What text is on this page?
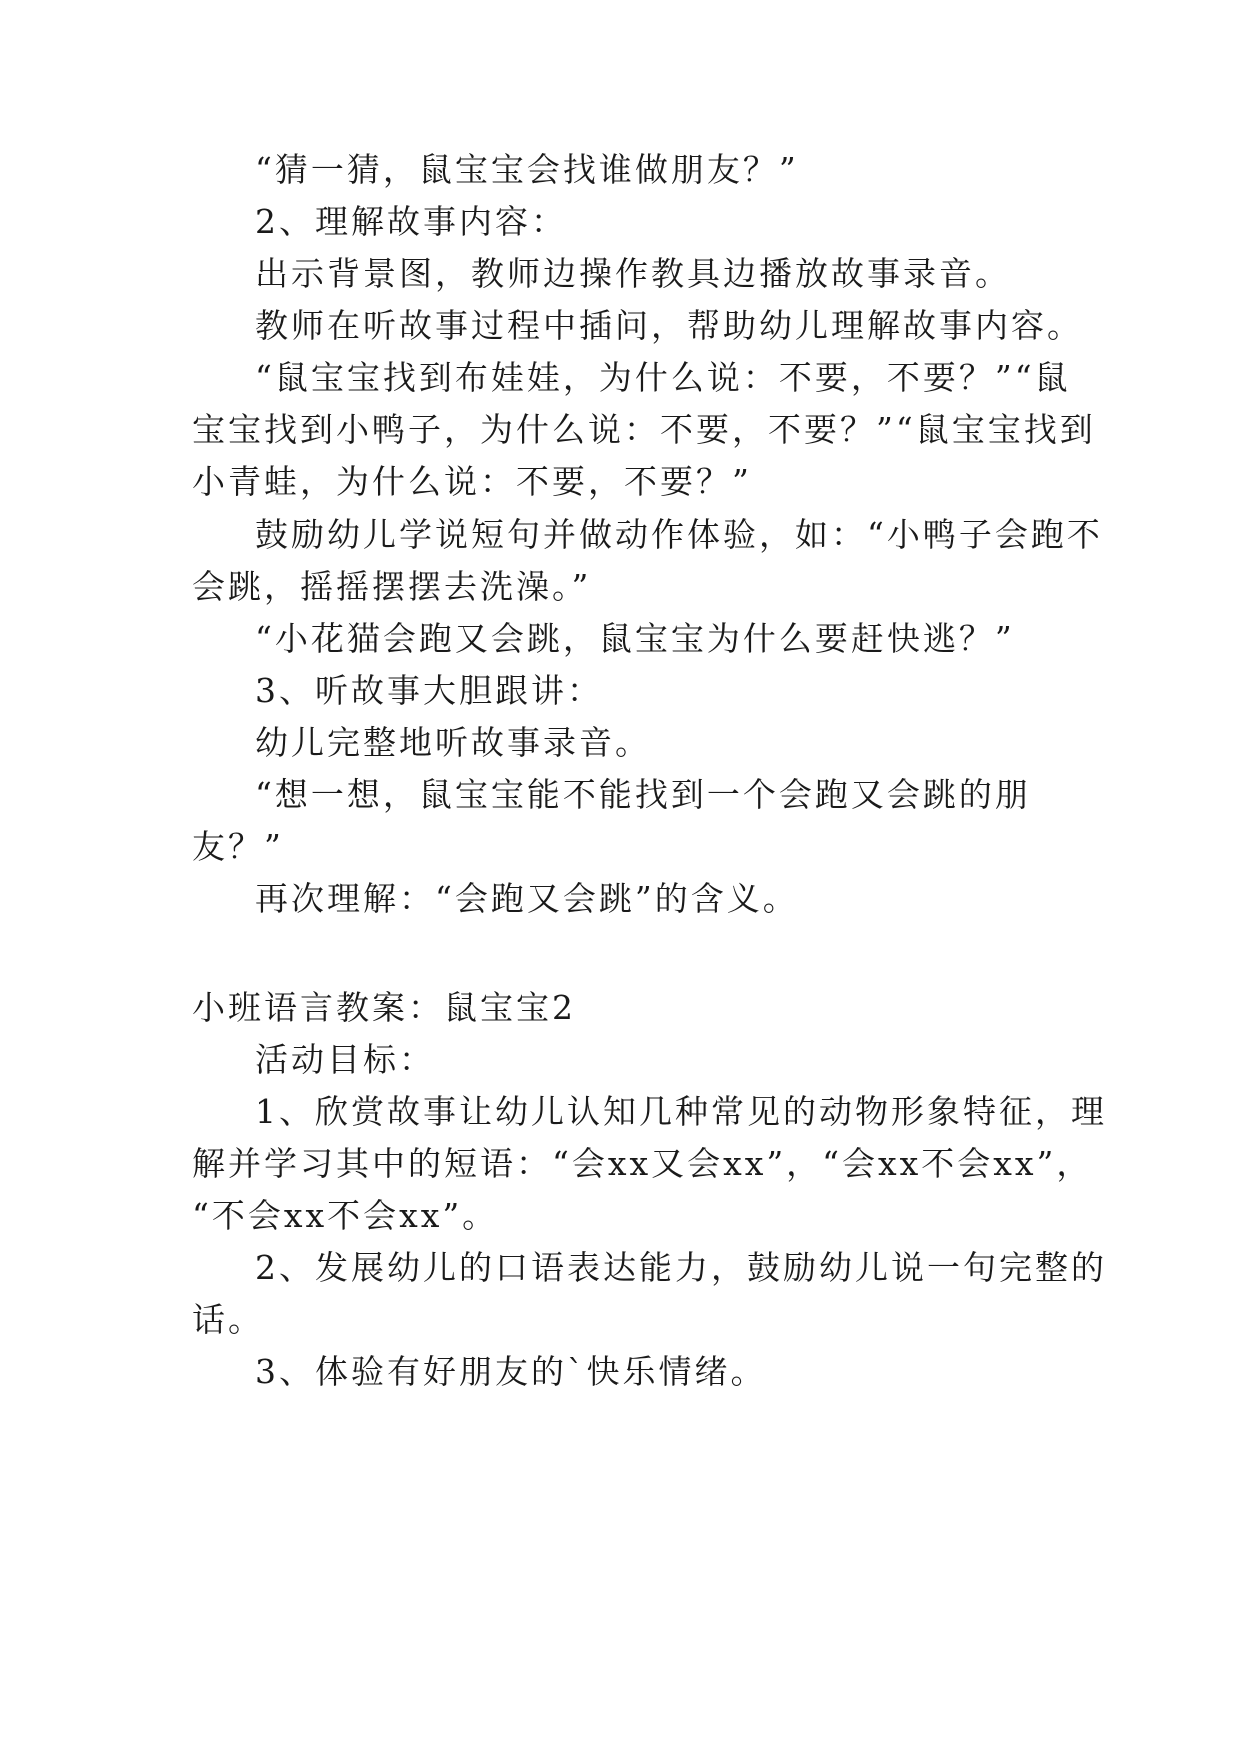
“猜一猜，鼠宝宝会找谁做朋友？”
2、理解故事内容：
出示背景图，教师边操作教具边播放故事录音。
教师在听故事过程中插问，帮助幼儿理解故事内容。
“鼠宝宝找到布娃娃，为什么说：不要，不要？”“鼠
宝宝找到小鸭子，为什么说：不要，不要？”“鼠宝宝找到
小青蛙，为什么说：不要，不要？”
鼓励幼儿学说短句并做动作体验，如：“小鸭子会跑不
会跳，摇摇摆摆去洗澡。”
“小花猫会跑又会跳，鼠宝宝为什么要赶快逃？”
3、听故事大胆跟讲：
幼儿完整地听故事录音。
“想一想，鼠宝宝能不能找到一个会跑又会跳的朋
友？”
再次理解：“会跑又会跳”的含义。
小班语言教案：鼠宝宝2
活动目标：
1、欣赏故事让幼儿认知几种常见的动物形象特征，理
解并学习其中的短语：“会xx又会xx”，“会xx不会xx”，
“不会xx不会xx”。
2、发展幼儿的口语表达能力，鼓励幼儿说一句完整的
话。
3、体验有好朋友的`快乐情绪。
